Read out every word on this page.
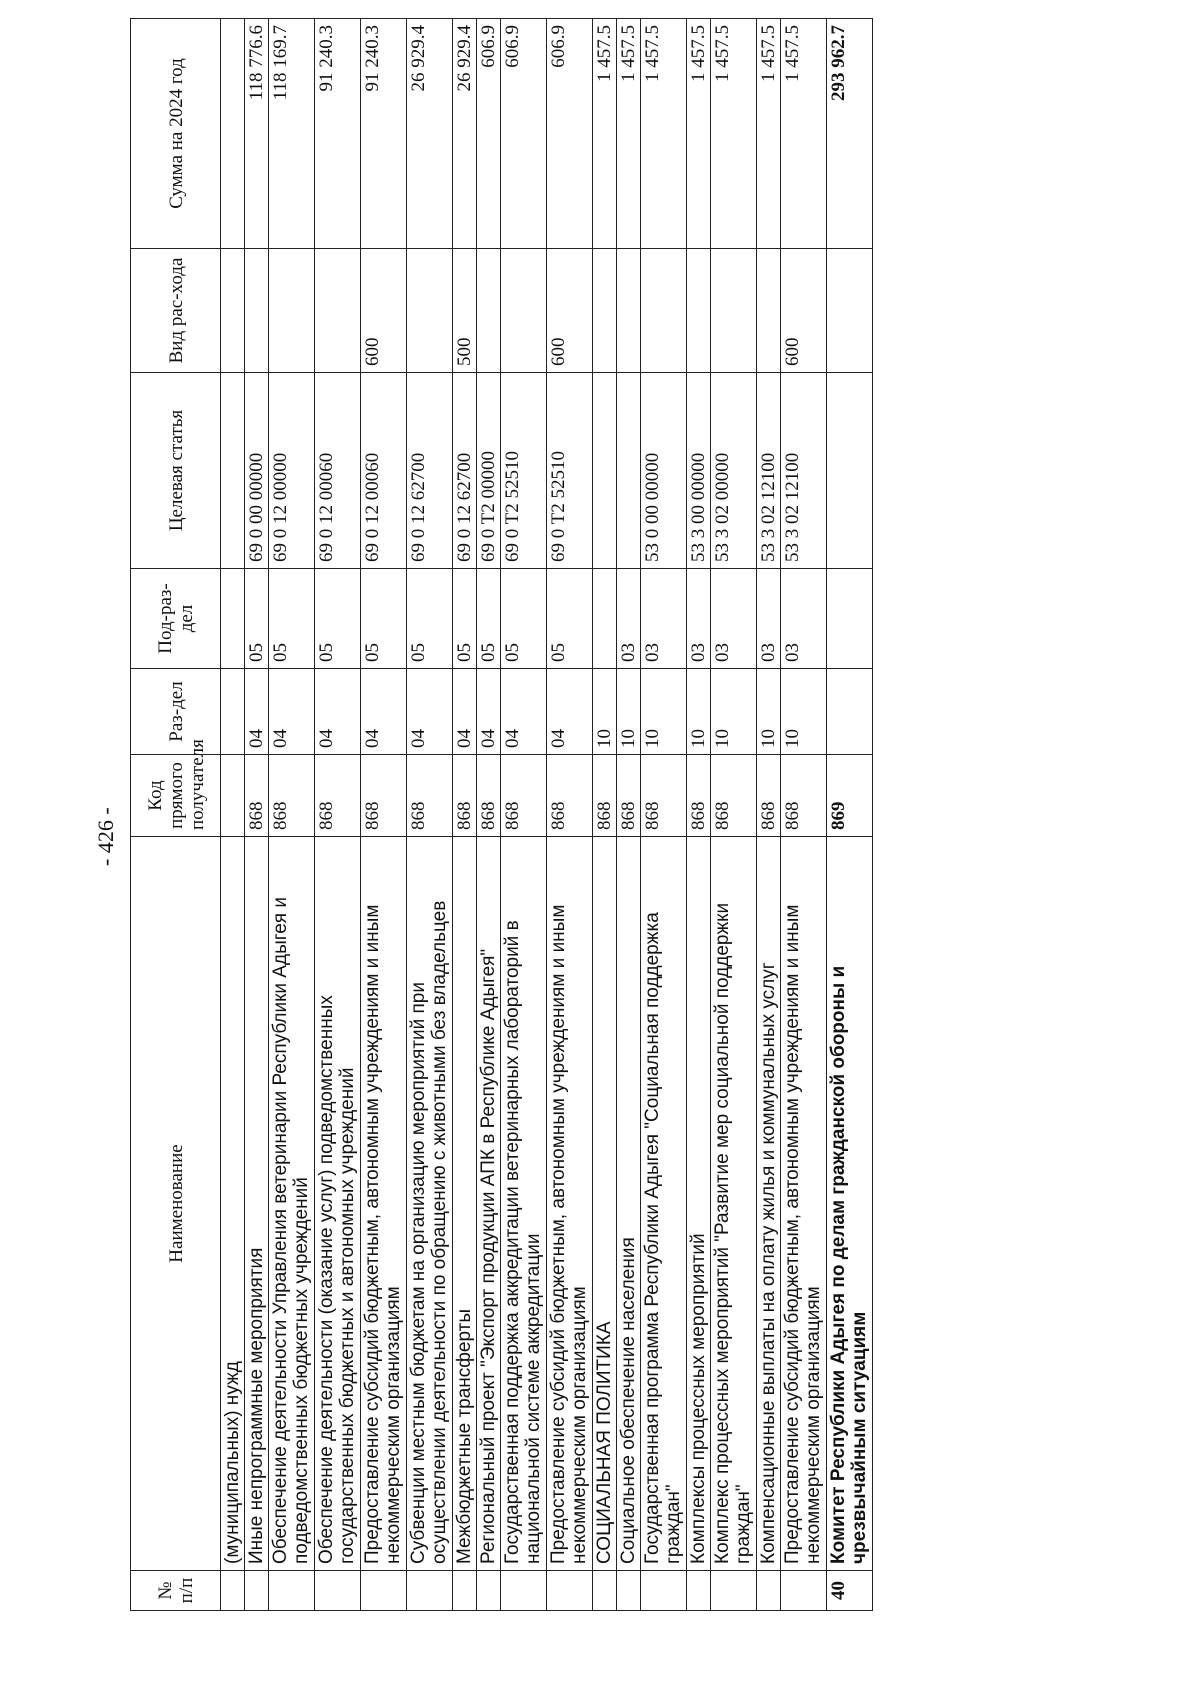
- 426 -
№ п/п	Наименование	Код прямого получателя	Раз-дел	Под-раз-дел	Целевая статья	Вид рас-хода	Сумма на 2024 год
	(муниципальных) нужд						
	Иные непрограммные мероприятия	868	04	05	69 0 00 00000		118 776.6
	Обеспечение деятельности Управления ветеринарии Республики Адыгея и подведомственных бюджетных учреждений	868	04	05	69 0 12 00000		118 169.7
	Обеспечение деятельности (оказание услуг) подведомственных государственных бюджетных и автономных учреждений	868	04	05	69 0 12 00060		91 240.3
	Предоставление субсидий бюджетным, автономным учреждениям и иным некоммерческим организациям	868	04	05	69 0 12 00060	600	91 240.3
	Субвенции местным бюджетам на организацию мероприятий при осуществлении деятельности по обращению с животными без владельцев	868	04	05	69 0 12 62700		26 929.4
	Межбюджетные трансферты	868	04	05	69 0 12 62700	500	26 929.4
	Региональный проект "Экспорт продукции АПК в Республике Адыгея"	868	04	05	69 0 T2 00000		606.9
	Государственная поддержка аккредитации ветеринарных лабораторий в национальной системе аккредитации	868	04	05	69 0 T2 52510		606.9
	Предоставление субсидий бюджетным, автономным учреждениям и иным некоммерческим организациям	868	04	05	69 0 T2 52510	600	606.9
	СОЦИАЛЬНАЯ ПОЛИТИКА	868	10				1 457.5
	Социальное обеспечение населения	868	10	03			1 457.5
	Государственная программа Республики Адыгея "Социальная поддержка граждан"	868	10	03	53 0 00 00000		1 457.5
	Комплексы процессных мероприятий	868	10	03	53 3 00 00000		1 457.5
	Комплекс процессных мероприятий "Развитие мер социальной поддержки граждан"	868	10	03	53 3 02 00000		1 457.5
	Компенсационные выплаты на оплату жилья и коммунальных услуг	868	10	03	53 3 02 12100		1 457.5
	Предоставление субсидий бюджетным, автономным учреждениям и иным некоммерческим организациям	868	10	03	53 3 02 12100	600	1 457.5
40	Комитет Республики Адыгея по делам гражданской обороны и чрезвычайным ситуациям	869					293 962.7
